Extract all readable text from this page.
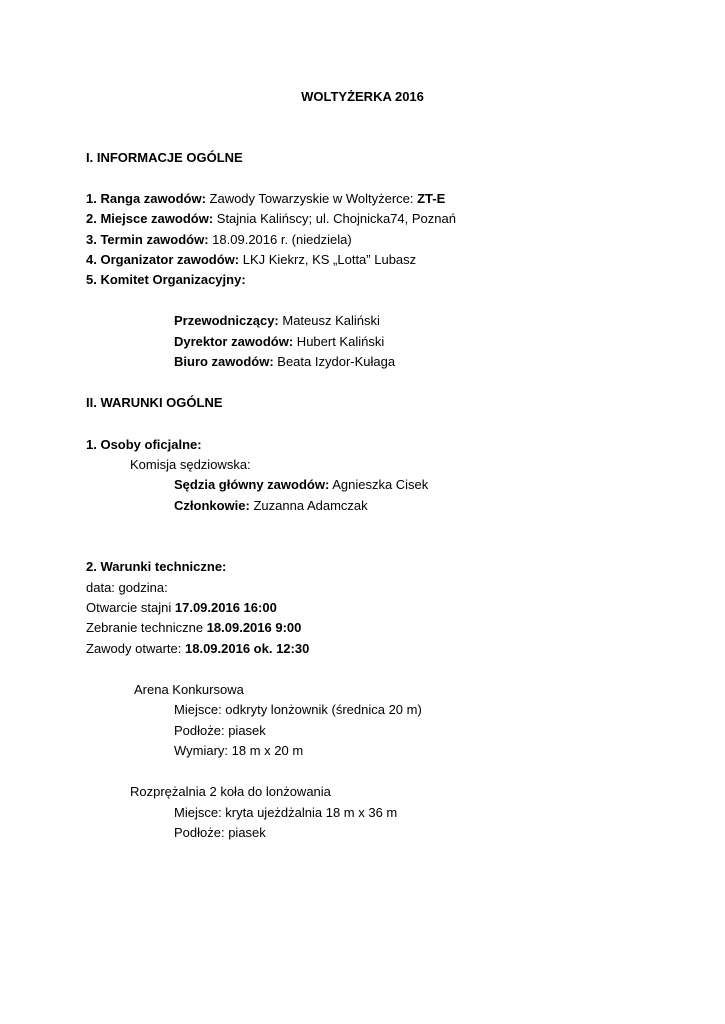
WOLTYŻERKA 2016
I. INFORMACJE OGÓLNE
1. Ranga zawodów: Zawody Towarzyskie w Woltyżerce: ZT-E
2. Miejsce zawodów: Stajnia Kalińscy; ul. Chojnicka74, Poznań
3. Termin zawodów: 18.09.2016 r. (niedziela)
4. Organizator zawodów: LKJ Kiekrz, KS „Lotta” Lubasz
5. Komitet Organizacyjny:
Przewodniczący: Mateusz Kaliński
Dyrektor zawodów: Hubert Kaliński
Biuro zawodów: Beata Izydor-Kułaga
II. WARUNKI OGÓLNE
1. Osoby oficjalne:
Komisja sędziowska:
Sędzia główny zawodów: Agnieszka Cisek
Członkowie: Zuzanna Adamczak
2. Warunki techniczne:
data: godzina:
Otwarcie stajni 17.09.2016 16:00
Zebranie techniczne 18.09.2016 9:00
Zawody otwarte: 18.09.2016 ok. 12:30
Arena Konkursowa
Miejsce: odkryty lonżownik (średnica 20 m)
Podłoże: piasek
Wymiary: 18 m x 20 m
Rozprężalnia 2 koła do lonżowania
Miejsce: kryta ujeżdżalnia 18 m x 36 m
Podłoże: piasek
